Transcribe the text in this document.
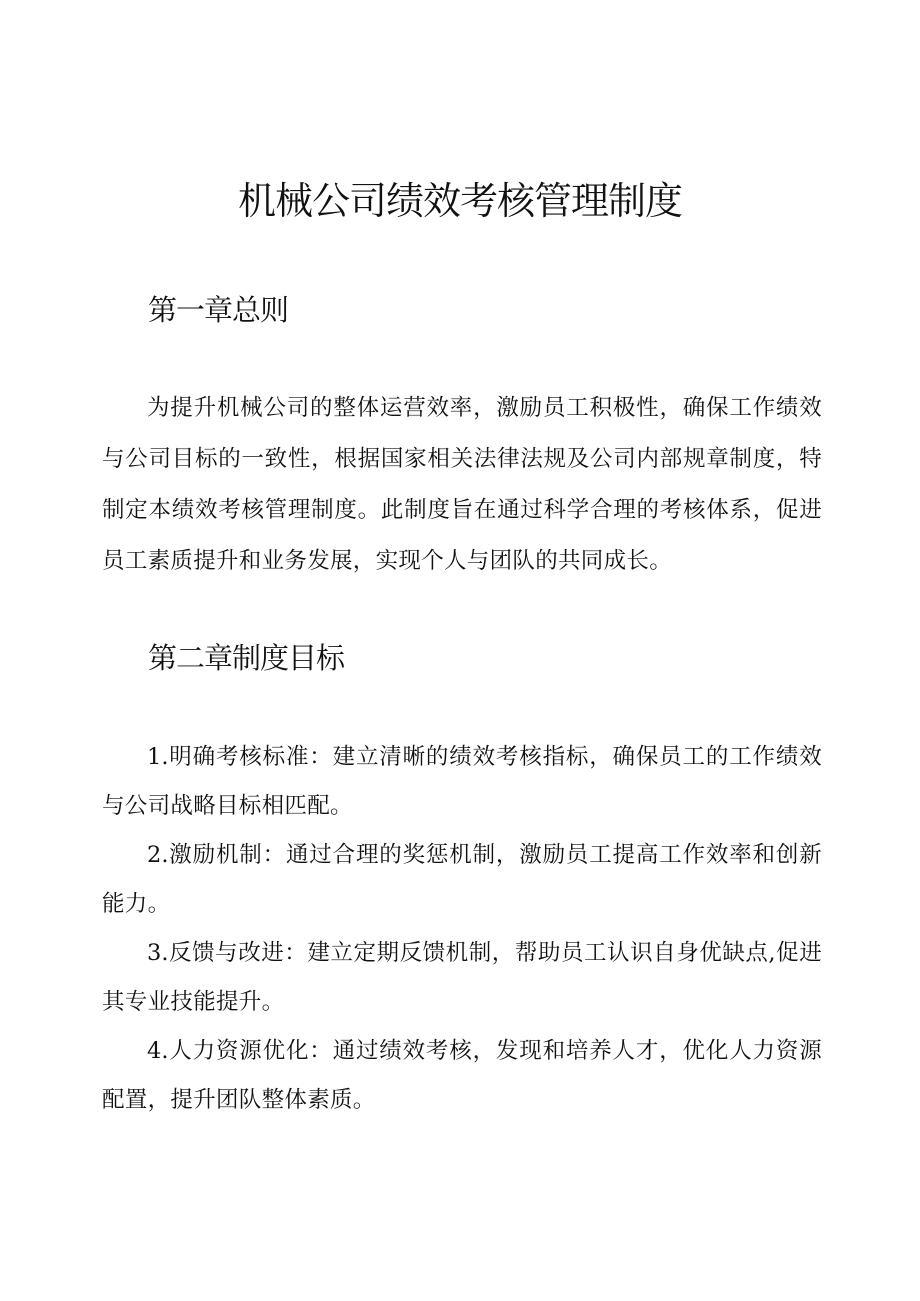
机械公司绩效考核管理制度
第一章总则

为提升机械公司的整体运营效率，激励员工积极性，确保工作绩效与公司目标的一致性，根据国家相关法律法规及公司内部规章制度，特制定本绩效考核管理制度。此制度旨在通过科学合理的考核体系，促进员工素质提升和业务发展，实现个人与团队的共同成长。

第二章制度目标
1.明确考核标准：建立清晰的绩效考核指标，确保员工的工作绩效与公司战略目标相匹配。
2.激励机制：通过合理的奖惩机制，激励员工提高工作效率和创新能力。
3.反馈与改进：建立定期反馈机制，帮助员工认识自身优缺点,促进其专业技能提升。
4.人力资源优化：通过绩效考核，发现和培养人才，优化人力资源配置，提升团队整体素质。
